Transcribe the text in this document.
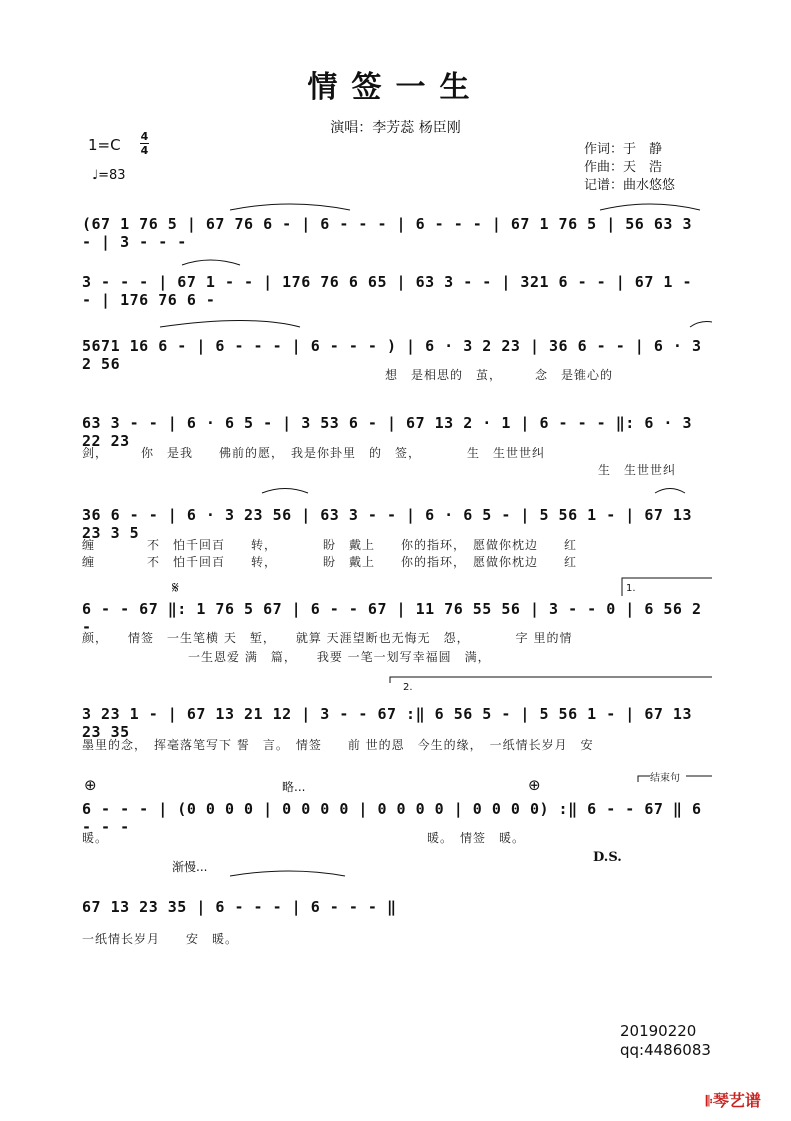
情签一生
演唱：李芳蕊 杨臣刚
1=C 4
4
♩=83
作词：于　静
作曲：天　浩
记谱：曲水悠悠
(67 1 76 5 | 67 76 6 - | 6 - - - | 6 - - - | 67 1 76 5 | 56 63 3 - | 3 - - -
3 - - - | 67 1 - - | 176 76 6 65 | 63 3 - - | 321 6 - - | 67 1 - - | 176 76 6 -
5671 16 6 - | 6 - - - | 6 - - - ) | 6 · 3 2 23 | 36 6 - - | 6 · 3 2 56
想　是相思的　茧，　　　念　是锥心的
63 3 - - | 6 · 6 5 - | 3 53 6 - | 67 13 2 · 1 | 6 - - - ‖: 6 · 3 22 23
剑，　　　你　是我　　佛前的愿，　我是你卦里　的　签，　　　　生　生世世纠
生　生世世纠
36 6 - - | 6 · 3 23 56 | 63 3 - - | 6 · 6 5 - | 5 56 1 - | 67 13 23 3 5
缠　　　　不　怕千回百　　转，　　　　盼　戴上　　你的指环，　愿做你枕边　　红
缠　　　　不　怕千回百　　转，　　　　盼　戴上　　你的指环，　愿做你枕边　　红
𝄋	1.
6 - - 67 ‖: 1 76 5 67 | 6 - - 67 | 11 76 55 56 | 3 - - 0 | 6 56 2 -
颜，　　情签　一生笔横 天　堑，　　就算 天涯望断也无悔无　怨，　　　　字 里的情
一生恩爱 满　篇，　　我要 一笔一划写幸福圆　满，
2.
3 23 1 - | 67 13 21 12 | 3 - - 67 :‖ 6 56 5 - | 5 56 1 - | 67 13 23 35
墨里的念，　挥毫落笔写下 誓　言。　情签　　前 世的恩　今生的缘，　一纸情长岁月　安
⊕	略...	⊕	结束句
6 - - - | (0 0 0 0 | 0 0 0 0 | 0 0 0 0 | 0 0 0 0) :‖ 6 - - 67 ‖ 6 - - -
暖。　　　　　　　　　　　　　　　　　　　　　　　　　暖。　情签　暖。
D.S.
渐慢...
67 13 23 35 | 6 - - - | 6 - - - ‖
一纸情长岁月　　安　暖。
20190220
qq:4486083
𝄆琴艺谱
